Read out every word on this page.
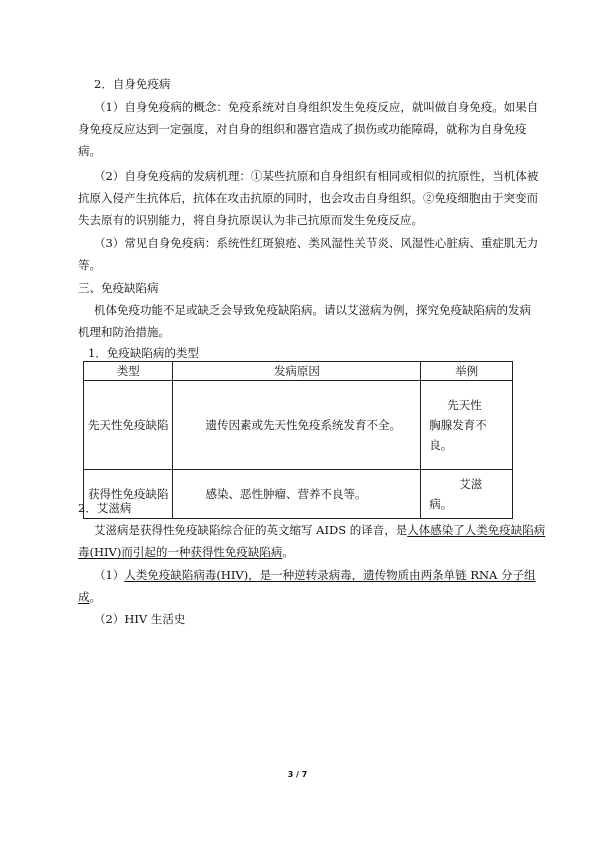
2．自身免疫病
（1）自身免疫病的概念：免疫系统对自身组织发生免疫反应，就叫做自身免疫。如果自
身免疫反应达到一定强度，对自身的组织和器官造成了损伤或功能障碍，就称为自身免疫
病。
（2）自身免疫病的发病机理：①某些抗原和自身组织有相同或相似的抗原性，当机体被
抗原入侵产生抗体后，抗体在攻击抗原的同时，也会攻击自身组织。②免疫细胞由于突变而
失去原有的识别能力，将自身抗原误认为非己抗原而发生免疫反应。
（3）常见自身免疫病：系统性红斑狼疮、类风湿性关节炎、风湿性心脏病、重症肌无力
等。
三、免疫缺陷病
机体免疫功能不足或缺乏会导致免疫缺陷病。请以艾滋病为例，探究免疫缺陷病的发病
机理和防治措施。
1．免疫缺陷病的类型
类型	发病原因	举例
先天性免疫缺陷	遗传因素或先天性免疫系统发育不全。	先天性
胸腺发育不
良。

获得性免疫缺陷	感染、恶性肿瘤、营养不良等。	艾滋
病。
2．艾滋病
艾滋病是获得性免疫缺陷综合征的英文缩写 AIDS 的译音，是人体感染了人类免疫缺陷病
毒(HIV)而引起的一种获得性免疫缺陷病。
（1）人类免疫缺陷病毒(HIV)，是一种逆转录病毒，遗传物质由两条单链 RNA 分子组
成。
（2）HIV 生活史
3 / 7
